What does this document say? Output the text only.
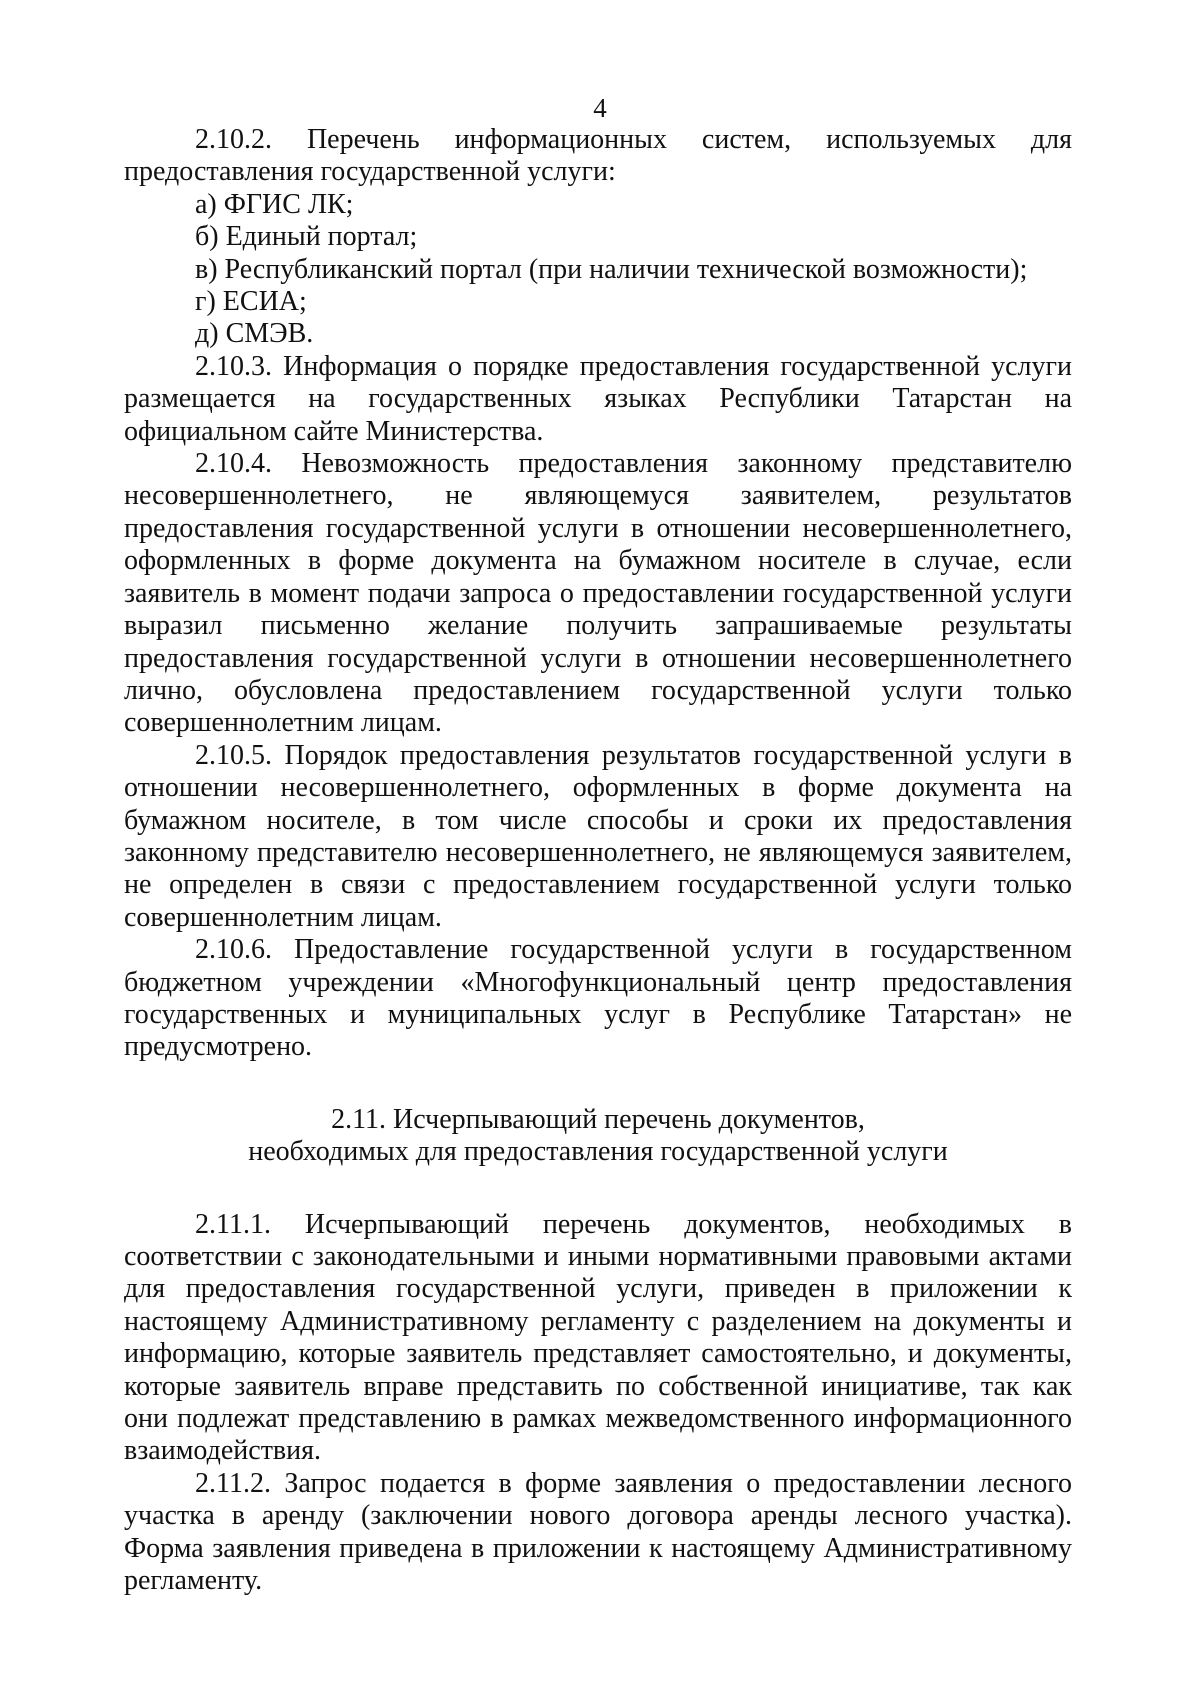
4

2.10.2. Перечень информационных систем, используемых для предоставления государственной услуги:

а) ФГИС ЛК;

б) Единый портал;

в) Республиканский портал (при наличии технической возможности);

г) ЕСИА;

д) СМЭВ.

2.10.3. Информация о порядке предоставления государственной услуги размещается на государственных языках Республики Татарстан на официальном сайте Министерства.

2.10.4. Невозможность предоставления законному представителю несовершеннолетнего, не являющемуся заявителем, результатов предоставления государственной услуги в отношении несовершеннолетнего, оформленных в форме документа на бумажном носителе в случае, если заявитель в момент подачи запроса о предоставлении государственной услуги выразил письменно желание получить запрашиваемые результаты предоставления государственной услуги в отношении несовершеннолетнего лично, обусловлена предоставлением государственной услуги только совершеннолетним лицам.

2.10.5. Порядок предоставления результатов государственной услуги в отношении несовершеннолетнего, оформленных в форме документа на бумажном носителе, в том числе способы и сроки их предоставления законному представителю несовершеннолетнего, не являющемуся заявителем, не определен в связи с предоставлением государственной услуги только совершеннолетним лицам.

2.10.6. Предоставление государственной услуги в государственном бюджетном учреждении «Многофункциональный центр предоставления государственных и муниципальных услуг в Республике Татарстан» не предусмотрено.

2.11. Исчерпывающий перечень документов,
необходимых для предоставления государственной услуги

2.11.1. Исчерпывающий перечень документов, необходимых в соответствии с законодательными и иными нормативными правовыми актами для предоставления государственной услуги, приведен в приложении к настоящему Административному регламенту с разделением на документы и информацию, которые заявитель представляет самостоятельно, и документы, которые заявитель вправе представить по собственной инициативе, так как они подлежат представлению в рамках межведомственного информационного взаимодействия.

2.11.2. Запрос подается в форме заявления о предоставлении лесного участка в аренду (заключении нового договора аренды лесного участка). Форма заявления приведена в приложении к настоящему Административному регламенту.
